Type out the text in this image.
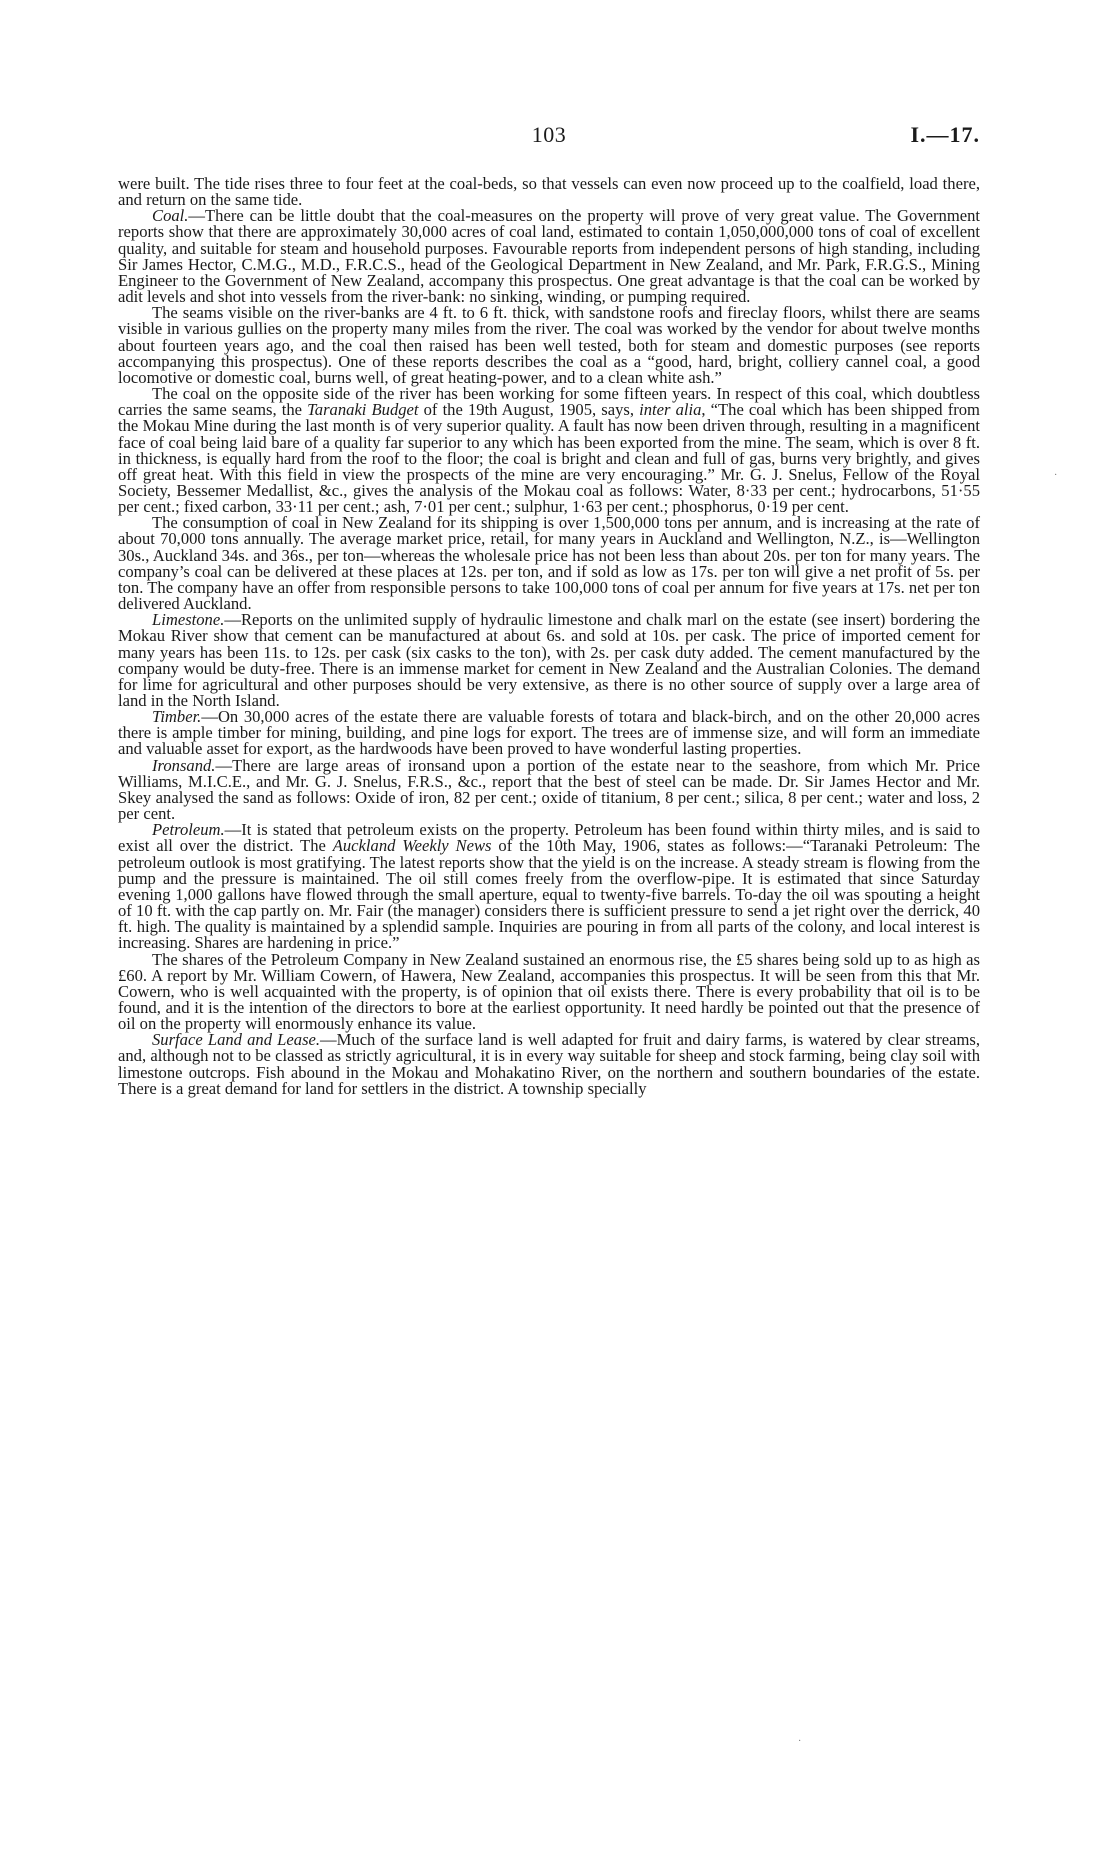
103	I.—17.

were built. The tide rises three to four feet at the coal-beds, so that vessels can even now proceed up to the coalfield, load there, and return on the same tide.

Coal.—There can be little doubt that the coal-measures on the property will prove of very great value. The Government reports show that there are approximately 30,000 acres of coal land, estimated to contain 1,050,000,000 tons of coal of excellent quality, and suitable for steam and household purposes. Favourable reports from independent persons of high standing, including Sir James Hector, C.M.G., M.D., F.R.C.S., head of the Geological Department in New Zealand, and Mr. Park, F.R.G.S., Mining Engineer to the Government of New Zealand, accompany this prospectus. One great advantage is that the coal can be worked by adit levels and shot into vessels from the river-bank: no sinking, winding, or pumping required.

The seams visible on the river-banks are 4 ft. to 6 ft. thick, with sandstone roofs and fireclay floors, whilst there are seams visible in various gullies on the property many miles from the river. The coal was worked by the vendor for about twelve months about fourteen years ago, and the coal then raised has been well tested, both for steam and domestic purposes (see reports accompanying this prospectus). One of these reports describes the coal as a “good, hard, bright, colliery cannel coal, a good locomotive or domestic coal, burns well, of great heating-power, and to a clean white ash.”

The coal on the opposite side of the river has been working for some fifteen years. In respect of this coal, which doubtless carries the same seams, the Taranaki Budget of the 19th August, 1905, says, inter alia, “The coal which has been shipped from the Mokau Mine during the last month is of very superior quality. A fault has now been driven through, resulting in a magnificent face of coal being laid bare of a quality far superior to any which has been exported from the mine. The seam, which is over 8 ft. in thickness, is equally hard from the roof to the floor; the coal is bright and clean and full of gas, burns very brightly, and gives off great heat. With this field in view the prospects of the mine are very encouraging.” Mr. G. J. Snelus, Fellow of the Royal Society, Bessemer Medallist, &c., gives the analysis of the Mokau coal as follows: Water, 8·33 per cent.; hydrocarbons, 51·55 per cent.; fixed carbon, 33·11 per cent.; ash, 7·01 per cent.; sulphur, 1·63 per cent.; phosphorus, 0·19 per cent.

The consumption of coal in New Zealand for its shipping is over 1,500,000 tons per annum, and is increasing at the rate of about 70,000 tons annually. The average market price, retail, for many years in Auckland and Wellington, N.Z., is—Wellington 30s., Auckland 34s. and 36s., per ton—whereas the wholesale price has not been less than about 20s. per ton for many years. The company’s coal can be delivered at these places at 12s. per ton, and if sold as low as 17s. per ton will give a net profit of 5s. per ton. The company have an offer from responsible persons to take 100,000 tons of coal per annum for five years at 17s. net per ton delivered Auckland.

Limestone.—Reports on the unlimited supply of hydraulic limestone and chalk marl on the estate (see insert) bordering the Mokau River show that cement can be manufactured at about 6s. and sold at 10s. per cask. The price of imported cement for many years has been 11s. to 12s. per cask (six casks to the ton), with 2s. per cask duty added. The cement manufactured by the company would be duty-free. There is an immense market for cement in New Zealand and the Australian Colonies. The demand for lime for agricultural and other purposes should be very extensive, as there is no other source of supply over a large area of land in the North Island.

Timber.—On 30,000 acres of the estate there are valuable forests of totara and black-birch, and on the other 20,000 acres there is ample timber for mining, building, and pine logs for export. The trees are of immense size, and will form an immediate and valuable asset for export, as the hardwoods have been proved to have wonderful lasting properties.

Ironsand.—There are large areas of ironsand upon a portion of the estate near to the seashore, from which Mr. Price Williams, M.I.C.E., and Mr. G. J. Snelus, F.R.S., &c., report that the best of steel can be made. Dr. Sir James Hector and Mr. Skey analysed the sand as follows: Oxide of iron, 82 per cent.; oxide of titanium, 8 per cent.; silica, 8 per cent.; water and loss, 2 per cent.

Petroleum.—It is stated that petroleum exists on the property. Petroleum has been found within thirty miles, and is said to exist all over the district. The Auckland Weekly News of the 10th May, 1906, states as follows:—“Taranaki Petroleum: The petroleum outlook is most gratifying. The latest reports show that the yield is on the increase. A steady stream is flowing from the pump and the pressure is maintained. The oil still comes freely from the overflow-pipe. It is estimated that since Saturday evening 1,000 gallons have flowed through the small aperture, equal to twenty-five barrels. To-day the oil was spouting a height of 10 ft. with the cap partly on. Mr. Fair (the manager) considers there is sufficient pressure to send a jet right over the derrick, 40 ft. high. The quality is maintained by a splendid sample. Inquiries are pouring in from all parts of the colony, and local interest is increasing. Shares are hardening in price.”

The shares of the Petroleum Company in New Zealand sustained an enormous rise, the £5 shares being sold up to as high as £60. A report by Mr. William Cowern, of Hawera, New Zealand, accompanies this prospectus. It will be seen from this that Mr. Cowern, who is well acquainted with the property, is of opinion that oil exists there. There is every probability that oil is to be found, and it is the intention of the directors to bore at the earliest opportunity. It need hardly be pointed out that the presence of oil on the property will enormously enhance its value.

Surface Land and Lease.—Much of the surface land is well adapted for fruit and dairy farms, is watered by clear streams, and, although not to be classed as strictly agricultural, it is in every way suitable for sheep and stock farming, being clay soil with limestone outcrops. Fish abound in the Mokau and Mohakatino River, on the northern and southern boundaries of the estate. There is a great demand for land for settlers in the district. A township specially

·
·
